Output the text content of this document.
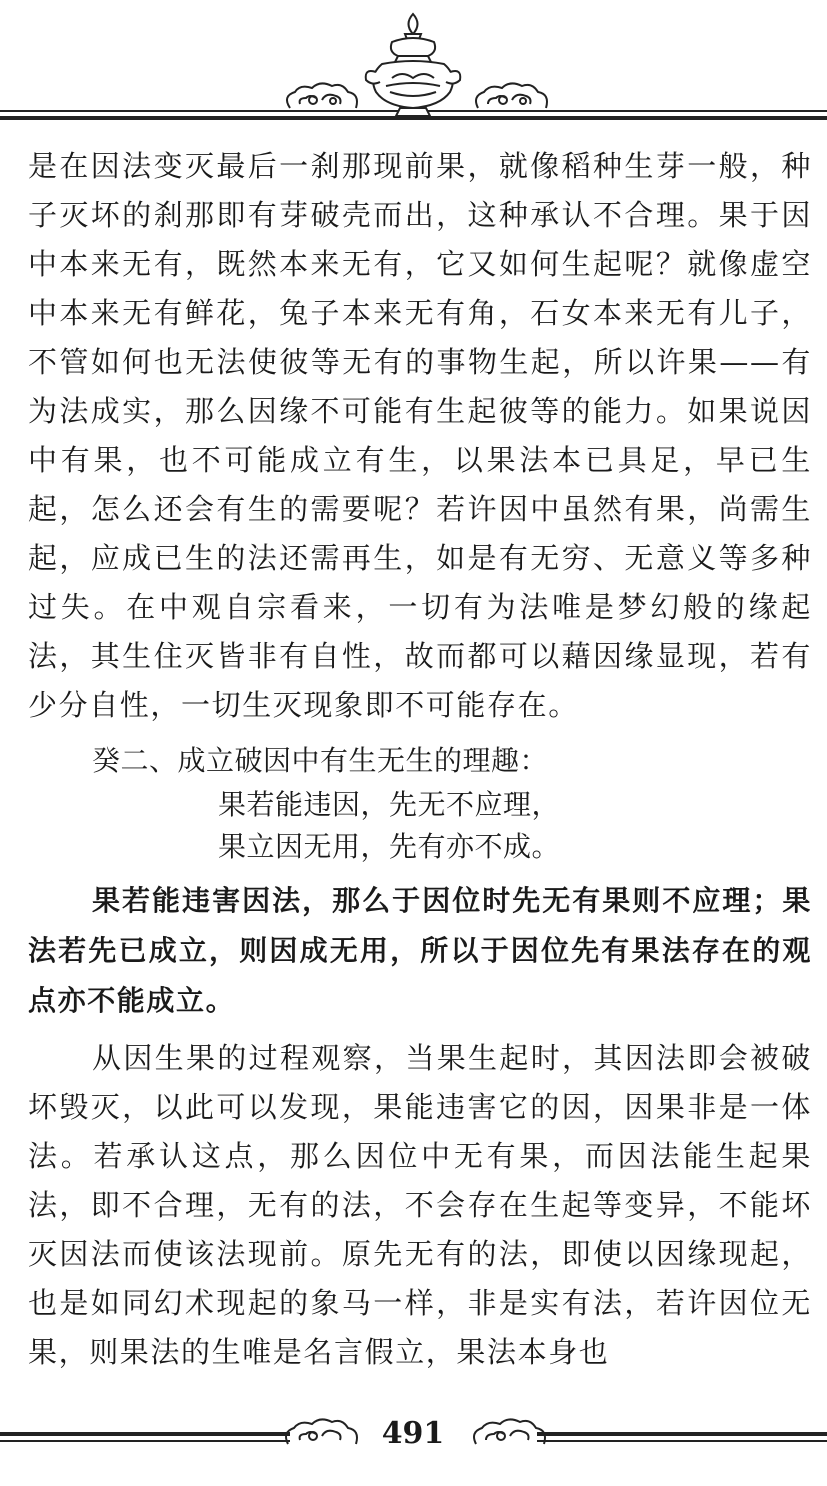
是在因法变灭最后一刹那现前果，就像稻种生芽一般，种子灭坏的刹那即有芽破壳而出，这种承认不合理。果于因中本来无有，既然本来无有，它又如何生起呢？就像虚空中本来无有鲜花，兔子本来无有角，石女本来无有儿子，不管如何也无法使彼等无有的事物生起，所以许果——有为法成实，那么因缘不可能有生起彼等的能力。如果说因中有果，也不可能成立有生，以果法本已具足，早已生起，怎么还会有生的需要呢？若许因中虽然有果，尚需生起，应成已生的法还需再生，如是有无穷、无意义等多种过失。在中观自宗看来，一切有为法唯是梦幻般的缘起法，其生住灭皆非有自性，故而都可以藉因缘显现，若有少分自性，一切生灭现象即不可能存在。

癸二、成立破因中有生无生的理趣：

果若能违因，先无不应理，

果立因无用，先有亦不成。

果若能违害因法，那么于因位时先无有果则不应理；果法若先已成立，则因成无用，所以于因位先有果法存在的观点亦不能成立。

从因生果的过程观察，当果生起时，其因法即会被破坏毁灭，以此可以发现，果能违害它的因，因果非是一体法。若承认这点，那么因位中无有果，而因法能生起果法，即不合理，无有的法，不会存在生起等变异，不能坏灭因法而使该法现前。原先无有的法，即使以因缘现起，也是如同幻术现起的象马一样，非是实有法，若许因位无果，则果法的生唯是名言假立，果法本身也

491
